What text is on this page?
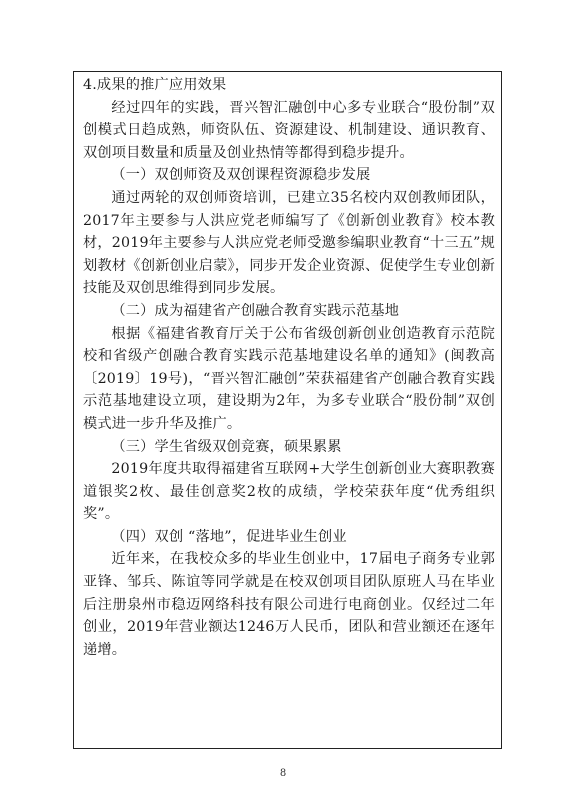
4.成果的推广应用效果

经过四年的实践，晋兴智汇融创中心多专业联合“股份制”双创模式日趋成熟，师资队伍、资源建设、机制建设、通识教育、双创项目数量和质量及创业热情等都得到稳步提升。

（一）双创师资及双创课程资源稳步发展

通过两轮的双创师资培训，已建立35名校内双创教师团队，2017年主要参与人洪应党老师编写了《创新创业教育》校本教材，2019年主要参与人洪应党老师受邀参编职业教育“十三五”规划教材《创新创业启蒙》，同步开发企业资源、促使学生专业创新技能及双创思维得到同步发展。

（二）成为福建省产创融合教育实践示范基地

根据《福建省教育厅关于公布省级创新创业创造教育示范院校和省级产创融合教育实践示范基地建设名单的通知》(闽教高〔2019〕19号)，“晋兴智汇融创”荣获福建省产创融合教育实践示范基地建设立项，建设期为2年，为多专业联合“股份制”双创模式进一步升华及推广。

（三）学生省级双创竞赛，硕果累累

2019年度共取得福建省互联网+大学生创新创业大赛职教赛道银奖2枚、最佳创意奖2枚的成绩，学校荣获年度“优秀组织奖”。

（四）双创 “落地”，促进毕业生创业

近年来，在我校众多的毕业生创业中，17届电子商务专业郭亚锋、邹兵、陈谊等同学就是在校双创项目团队原班人马在毕业后注册泉州市稳迈网络科技有限公司进行电商创业。仅经过二年创业，2019年营业额达1246万人民币，团队和营业额还在逐年递增。

8
